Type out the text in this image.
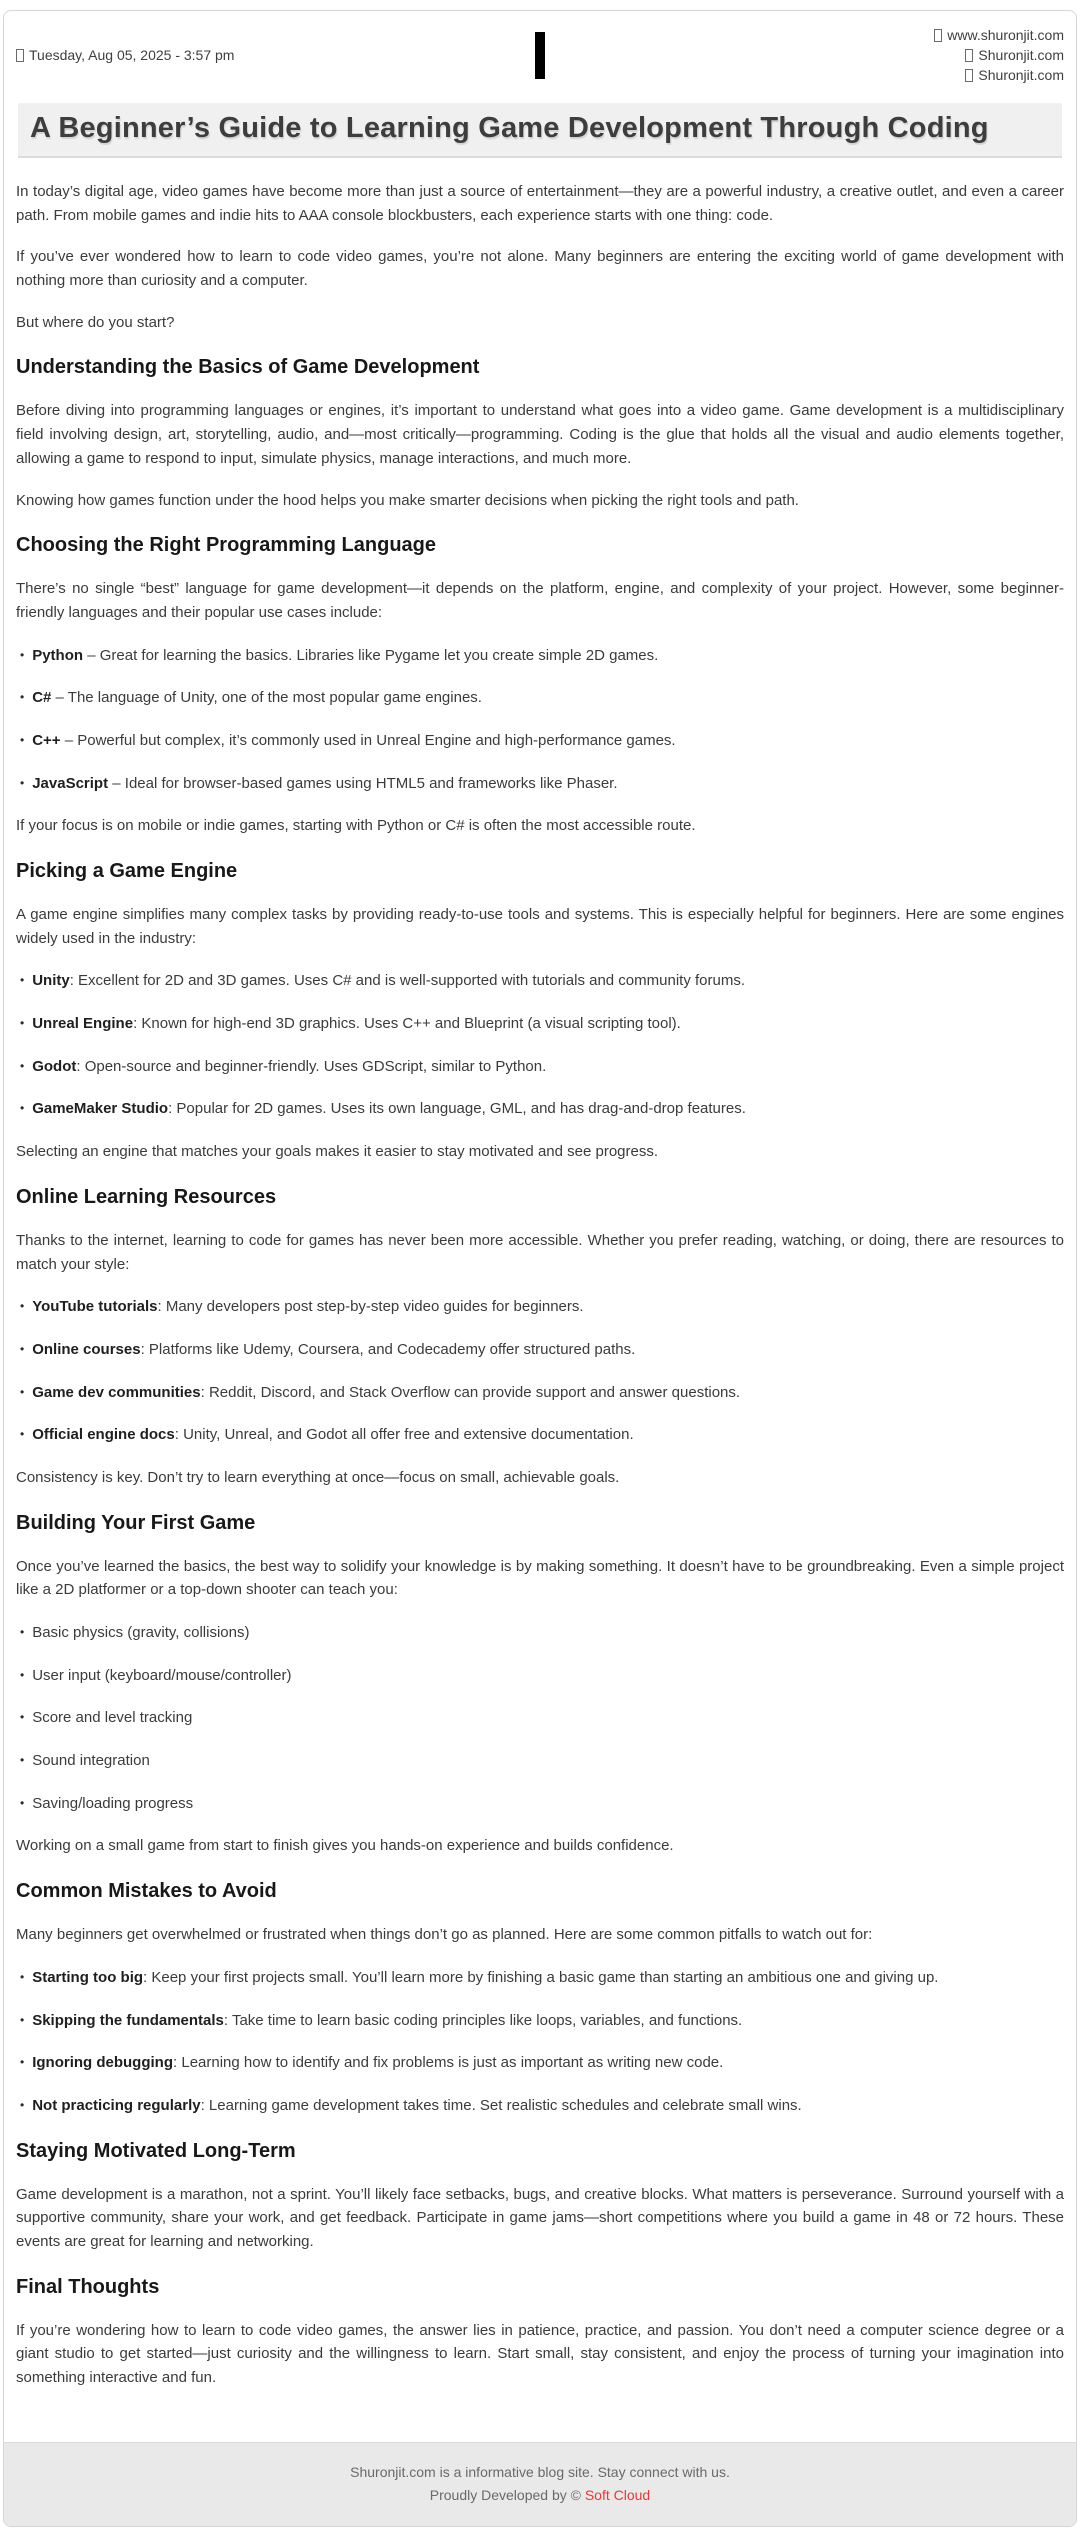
Tuesday, Aug 05, 2025 - 3:57 pm
www.shuronjit.com
Shuronjit.com
Shuronjit.com
A Beginner’s Guide to Learning Game Development Through Coding

In today’s digital age, video games have become more than just a source of entertainment—they are a powerful industry, a creative outlet, and even a career path. From mobile games and indie hits to AAA console blockbusters, each experience starts with one thing: code.

If you’ve ever wondered how to learn to code video games, you’re not alone. Many beginners are entering the exciting world of game development with nothing more than curiosity and a computer.

But where do you start?

Understanding the Basics of Game Development

Before diving into programming languages or engines, it’s important to understand what goes into a video game. Game development is a multidisciplinary field involving design, art, storytelling, audio, and—most critically—programming. Coding is the glue that holds all the visual and audio elements together, allowing a game to respond to input, simulate physics, manage interactions, and much more.

Knowing how games function under the hood helps you make smarter decisions when picking the right tools and path.

Choosing the Right Programming Language

There’s no single “best” language for game development—it depends on the platform, engine, and complexity of your project. However, some beginner-friendly languages and their popular use cases include:

• Python – Great for learning the basics. Libraries like Pygame let you create simple 2D games.
• C# – The language of Unity, one of the most popular game engines.
• C++ – Powerful but complex, it’s commonly used in Unreal Engine and high-performance games.
• JavaScript – Ideal for browser-based games using HTML5 and frameworks like Phaser.

If your focus is on mobile or indie games, starting with Python or C# is often the most accessible route.

Picking a Game Engine

A game engine simplifies many complex tasks by providing ready-to-use tools and systems. This is especially helpful for beginners. Here are some engines widely used in the industry:

• Unity: Excellent for 2D and 3D games. Uses C# and is well-supported with tutorials and community forums.
• Unreal Engine: Known for high-end 3D graphics. Uses C++ and Blueprint (a visual scripting tool).
• Godot: Open-source and beginner-friendly. Uses GDScript, similar to Python.
• GameMaker Studio: Popular for 2D games. Uses its own language, GML, and has drag-and-drop features.

Selecting an engine that matches your goals makes it easier to stay motivated and see progress.

Online Learning Resources

Thanks to the internet, learning to code for games has never been more accessible. Whether you prefer reading, watching, or doing, there are resources to match your style:

• YouTube tutorials: Many developers post step-by-step video guides for beginners.
• Online courses: Platforms like Udemy, Coursera, and Codecademy offer structured paths.
• Game dev communities: Reddit, Discord, and Stack Overflow can provide support and answer questions.
• Official engine docs: Unity, Unreal, and Godot all offer free and extensive documentation.

Consistency is key. Don’t try to learn everything at once—focus on small, achievable goals.

Building Your First Game

Once you’ve learned the basics, the best way to solidify your knowledge is by making something. It doesn’t have to be groundbreaking. Even a simple project like a 2D platformer or a top-down shooter can teach you:

• Basic physics (gravity, collisions)
• User input (keyboard/mouse/controller)
• Score and level tracking
• Sound integration
• Saving/loading progress

Working on a small game from start to finish gives you hands-on experience and builds confidence.

Common Mistakes to Avoid

Many beginners get overwhelmed or frustrated when things don’t go as planned. Here are some common pitfalls to watch out for:

• Starting too big: Keep your first projects small. You’ll learn more by finishing a basic game than starting an ambitious one and giving up.
• Skipping the fundamentals: Take time to learn basic coding principles like loops, variables, and functions.
• Ignoring debugging: Learning how to identify and fix problems is just as important as writing new code.
• Not practicing regularly: Learning game development takes time. Set realistic schedules and celebrate small wins.
Staying Motivated Long-Term

Game development is a marathon, not a sprint. You’ll likely face setbacks, bugs, and creative blocks. What matters is perseverance. Surround yourself with a supportive community, share your work, and get feedback. Participate in game jams—short competitions where you build a game in 48 or 72 hours. These events are great for learning and networking.

Final Thoughts

If you’re wondering how to learn to code video games, the answer lies in patience, practice, and passion. You don’t need a computer science degree or a giant studio to get started—just curiosity and the willingness to learn. Start small, stay consistent, and enjoy the process of turning your imagination into something interactive and fun.

Shuronjit.com is a informative blog site. Stay connect with us.

Proudly Developed by © Soft Cloud
